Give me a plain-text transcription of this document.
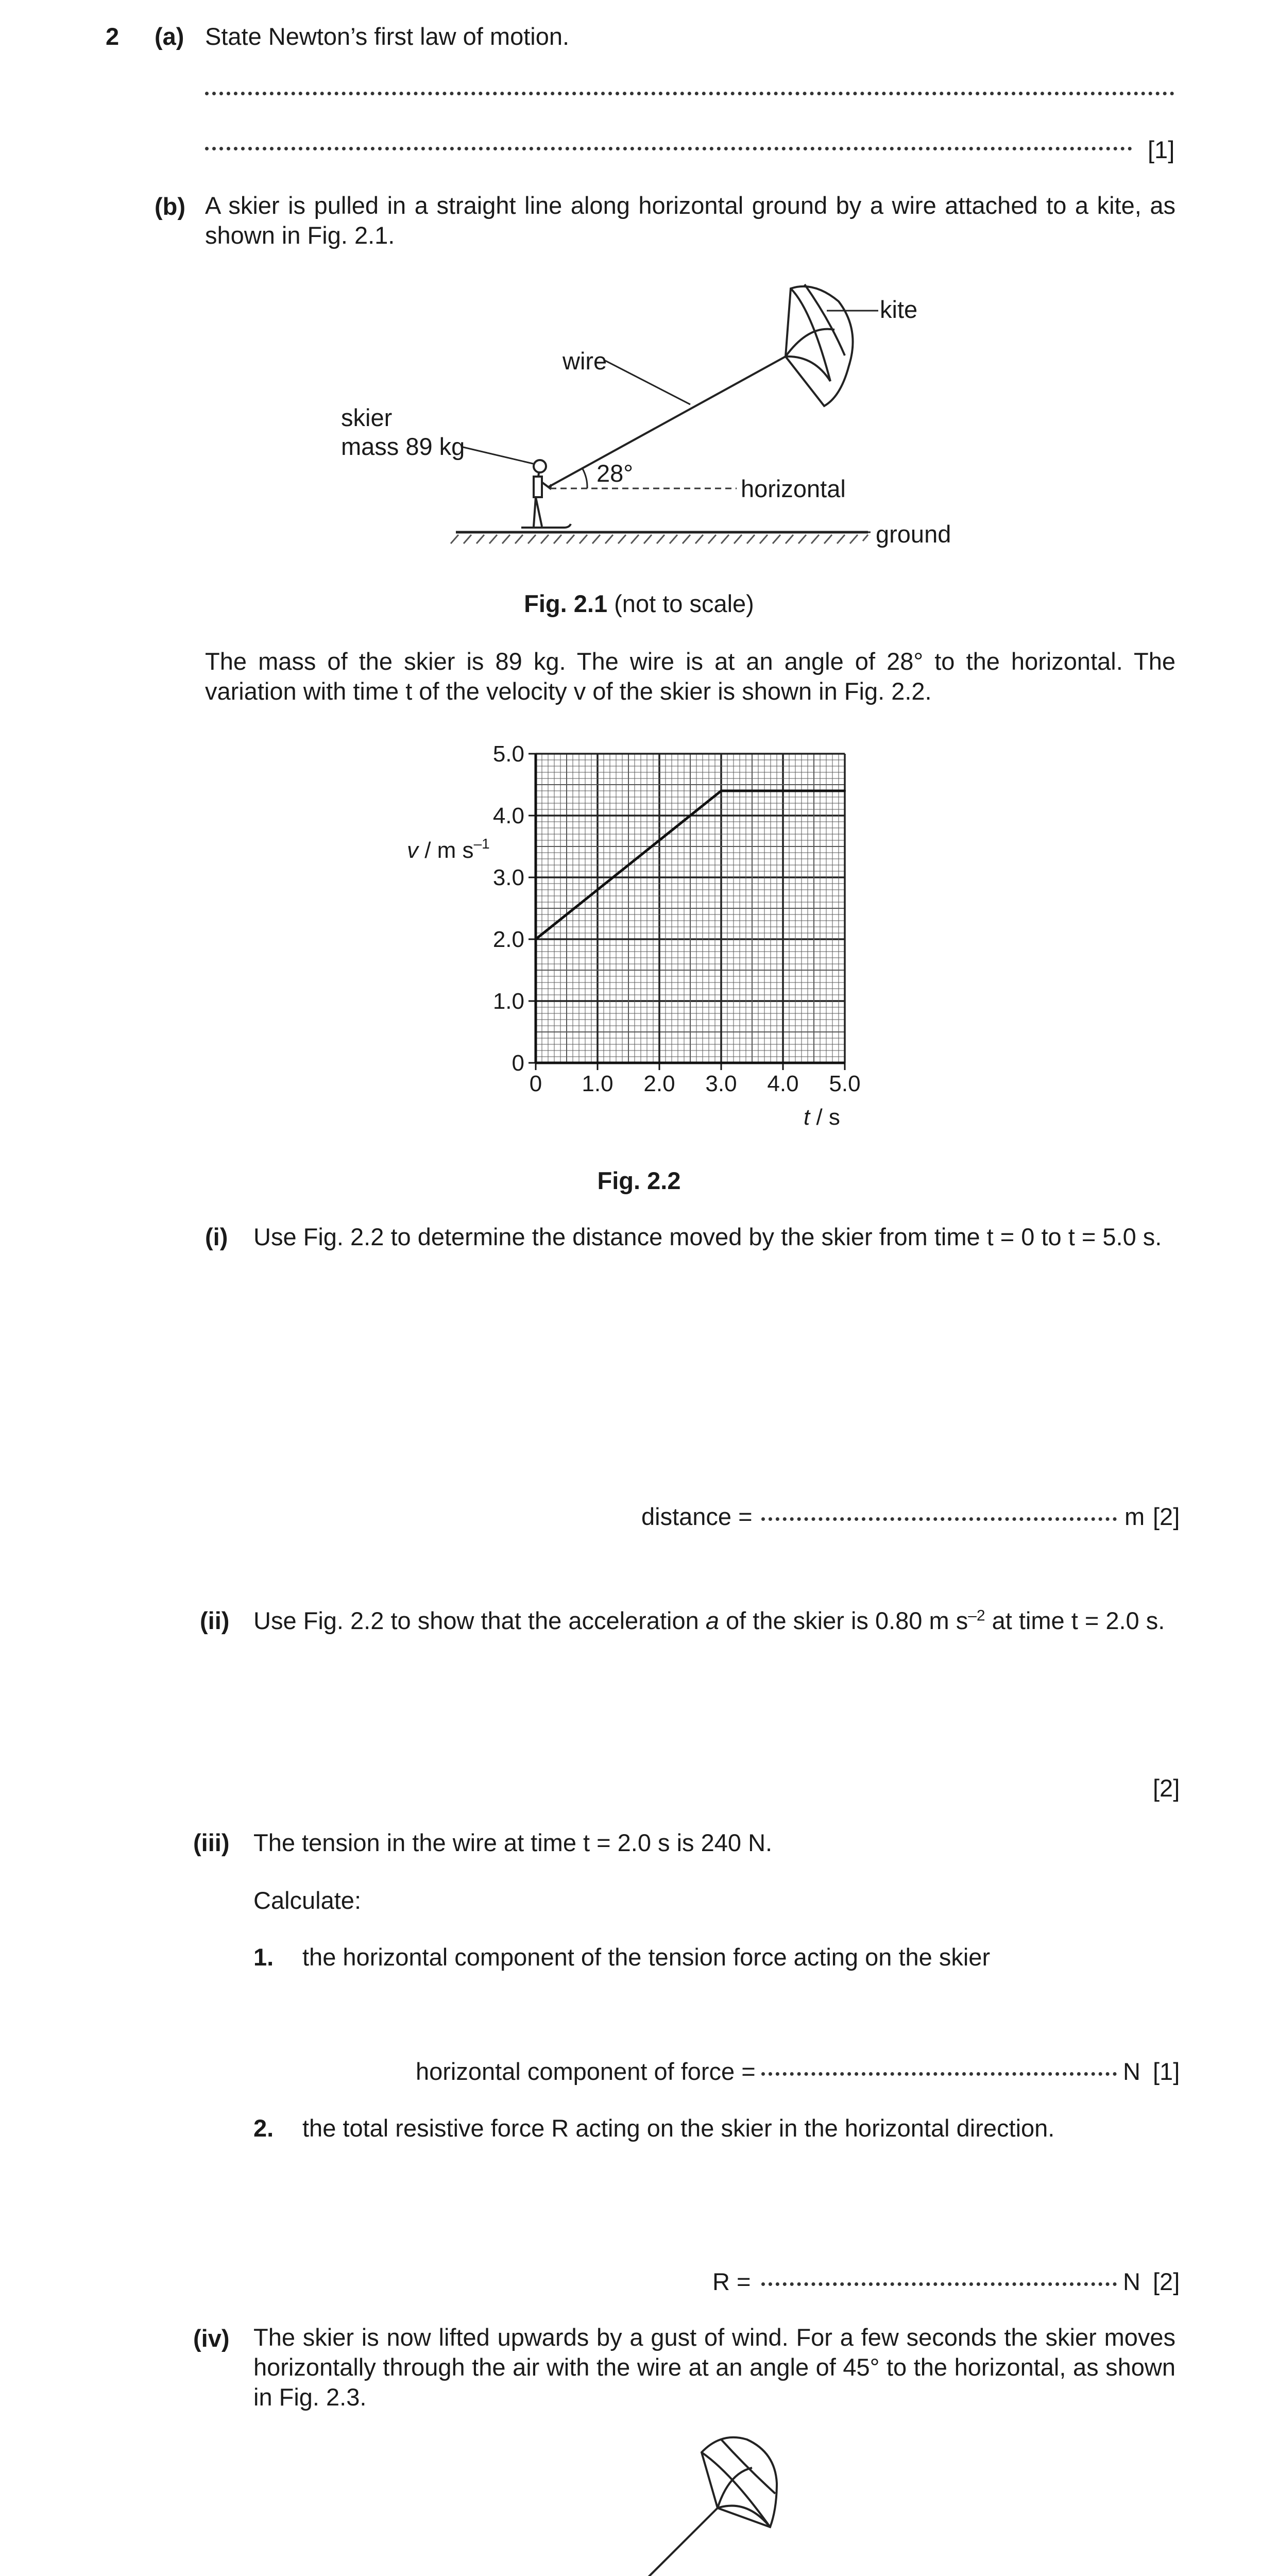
2 (a) State Newton’s first law of motion.
[1]
(b) A skier is pulled in a straight line along horizontal ground by a wire attached to a kite, as shown in Fig. 2.1.
kite
wire
skier
mass 89 kg
28°
horizontal
ground
Fig. 2.1 (not to scale)
The mass of the skier is 89 kg. The wire is at an angle of 28° to the horizontal. The variation with time t of the velocity v of the skier is shown in Fig. 2.2.
0 1.0 2.0 3.0 4.0 5.0
0
1.0
2.0
3.0
4.0
5.0
v / m $s^{-1}$
t / s
Fig. 2.2
(i) Use Fig. 2.2 to determine the distance moved by the skier from time t = 0 to t = 5.0 s.
distance =	m [2]
(ii) Use Fig. 2.2 to show that the acceleration a of the skier is 0.80 m $s^{-2}$ at time t = 2.0 s.
[2]
(iii) The tension in the wire at time t = 2.0 s is 240 N.
Calculate:
1. the horizontal component of the tension force acting on the skier
horizontal component of force =	N [1]
2. the total resistive force R acting on the skier in the horizontal direction.
R =	N [2]
(iv) The skier is now lifted upwards by a gust of wind. For a few seconds the skier moves horizontally through the air with the wire at an angle of 45° to the horizontal, as shown in Fig. 2.3.
